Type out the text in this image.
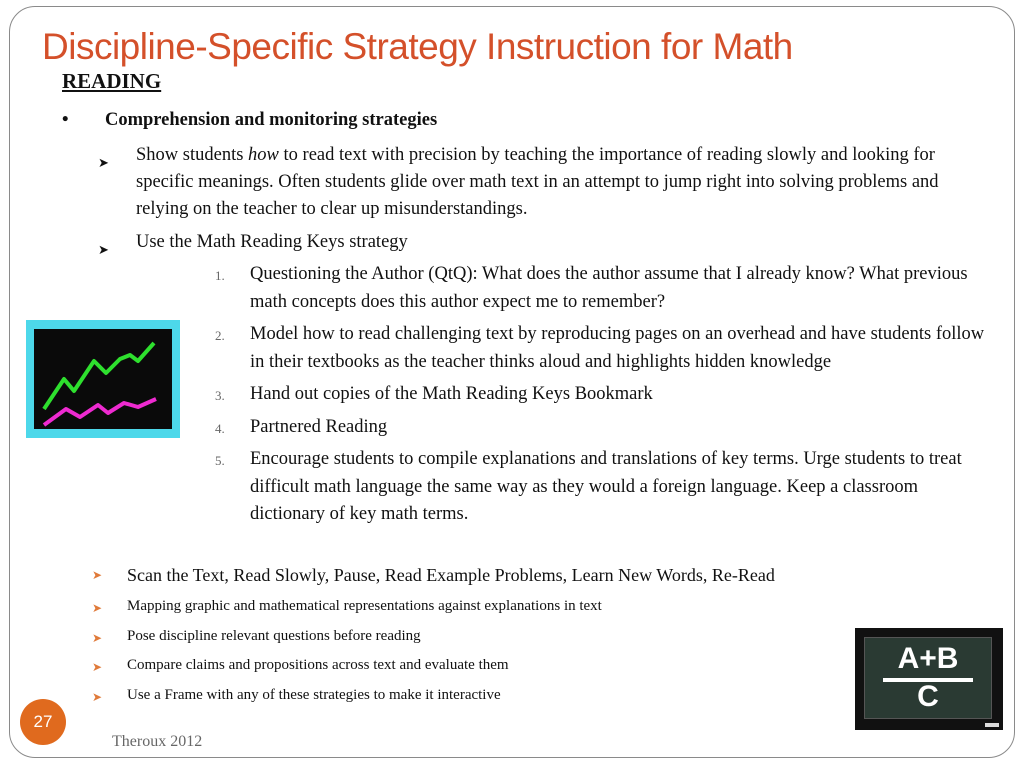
Discipline-Specific Strategy Instruction for Math
READING
• Comprehension and monitoring strategies
➤ Show students how to read text with precision by teaching the importance of reading slowly and looking for specific meanings. Often students glide over math text in an attempt to jump right into solving problems and relying on the teacher to clear up misunderstandings.
➤ Use the Math Reading Keys strategy
1. Questioning the Author (QtQ): What does the author assume that I already know? What previous math concepts does this author expect me to remember?
2. Model how to read challenging text by reproducing pages on an overhead and have students follow in their textbooks as the teacher thinks aloud and highlights hidden knowledge
3. Hand out copies of the Math Reading Keys Bookmark
4. Partnered Reading
5. Encourage students to compile explanations and translations of key terms. Urge students to treat difficult math language the same way as they would a foreign language. Keep a classroom dictionary of key math terms.
➤ Scan the Text, Read Slowly, Pause, Read Example Problems, Learn New Words, Re-Read
➤ Mapping graphic and mathematical representations against explanations in text
➤ Pose discipline relevant questions before reading
➤ Compare claims and propositions across text and evaluate them
➤ Use a Frame with any of these strategies to make it interactive
A+B
C
27
Theroux 2012
